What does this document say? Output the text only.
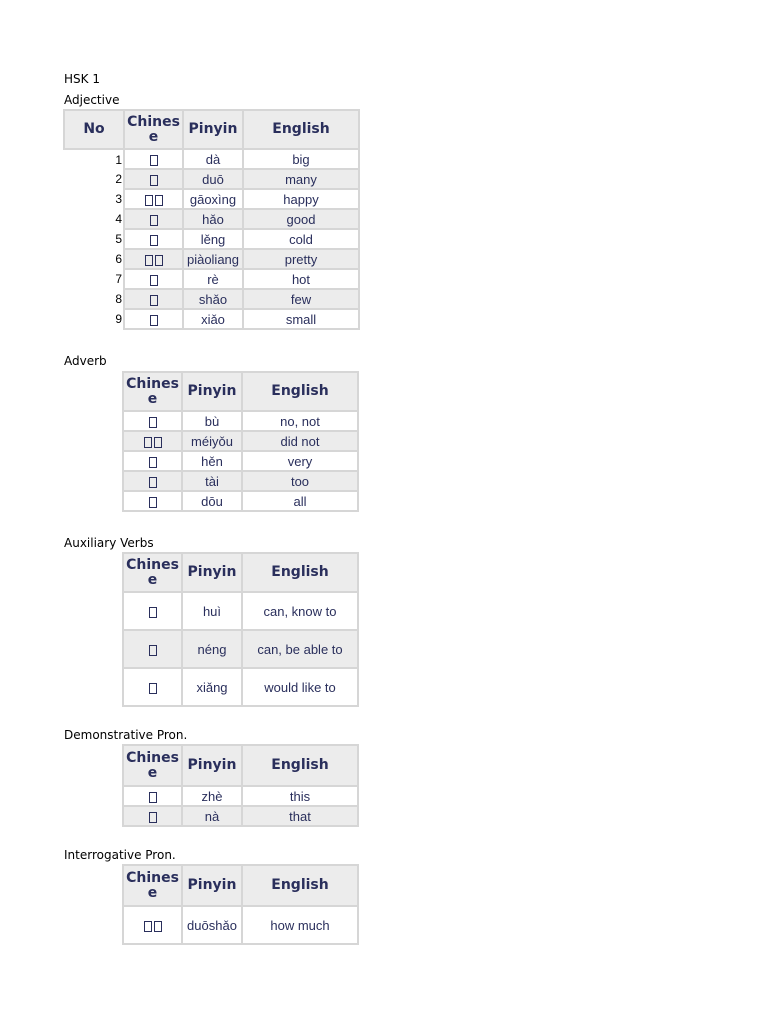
HSK 1
Adjective
No	Chines e	Pinyin	English
1		dà	big
2		duō	many
3		gāoxìng	happy
4		hǎo	good
5		lěng	cold
6		piàoliang	pretty
7		rè	hot
8		shǎo	few
9		xiǎo	small
Adverb
Chines e	Pinyin	English
	bù	no, not
	méiyǒu	did not
	hěn	very
	tài	too
	dōu	all
Auxiliary Verbs
Chines e	Pinyin	English
	huì	can, know to
	néng	can, be able to
	xiǎng	would like to
Demonstrative Pron.
Chines e	Pinyin	English
	zhè	this
	nà	that
Interrogative Pron.
Chines e	Pinyin	English
	duōshǎo	how much
